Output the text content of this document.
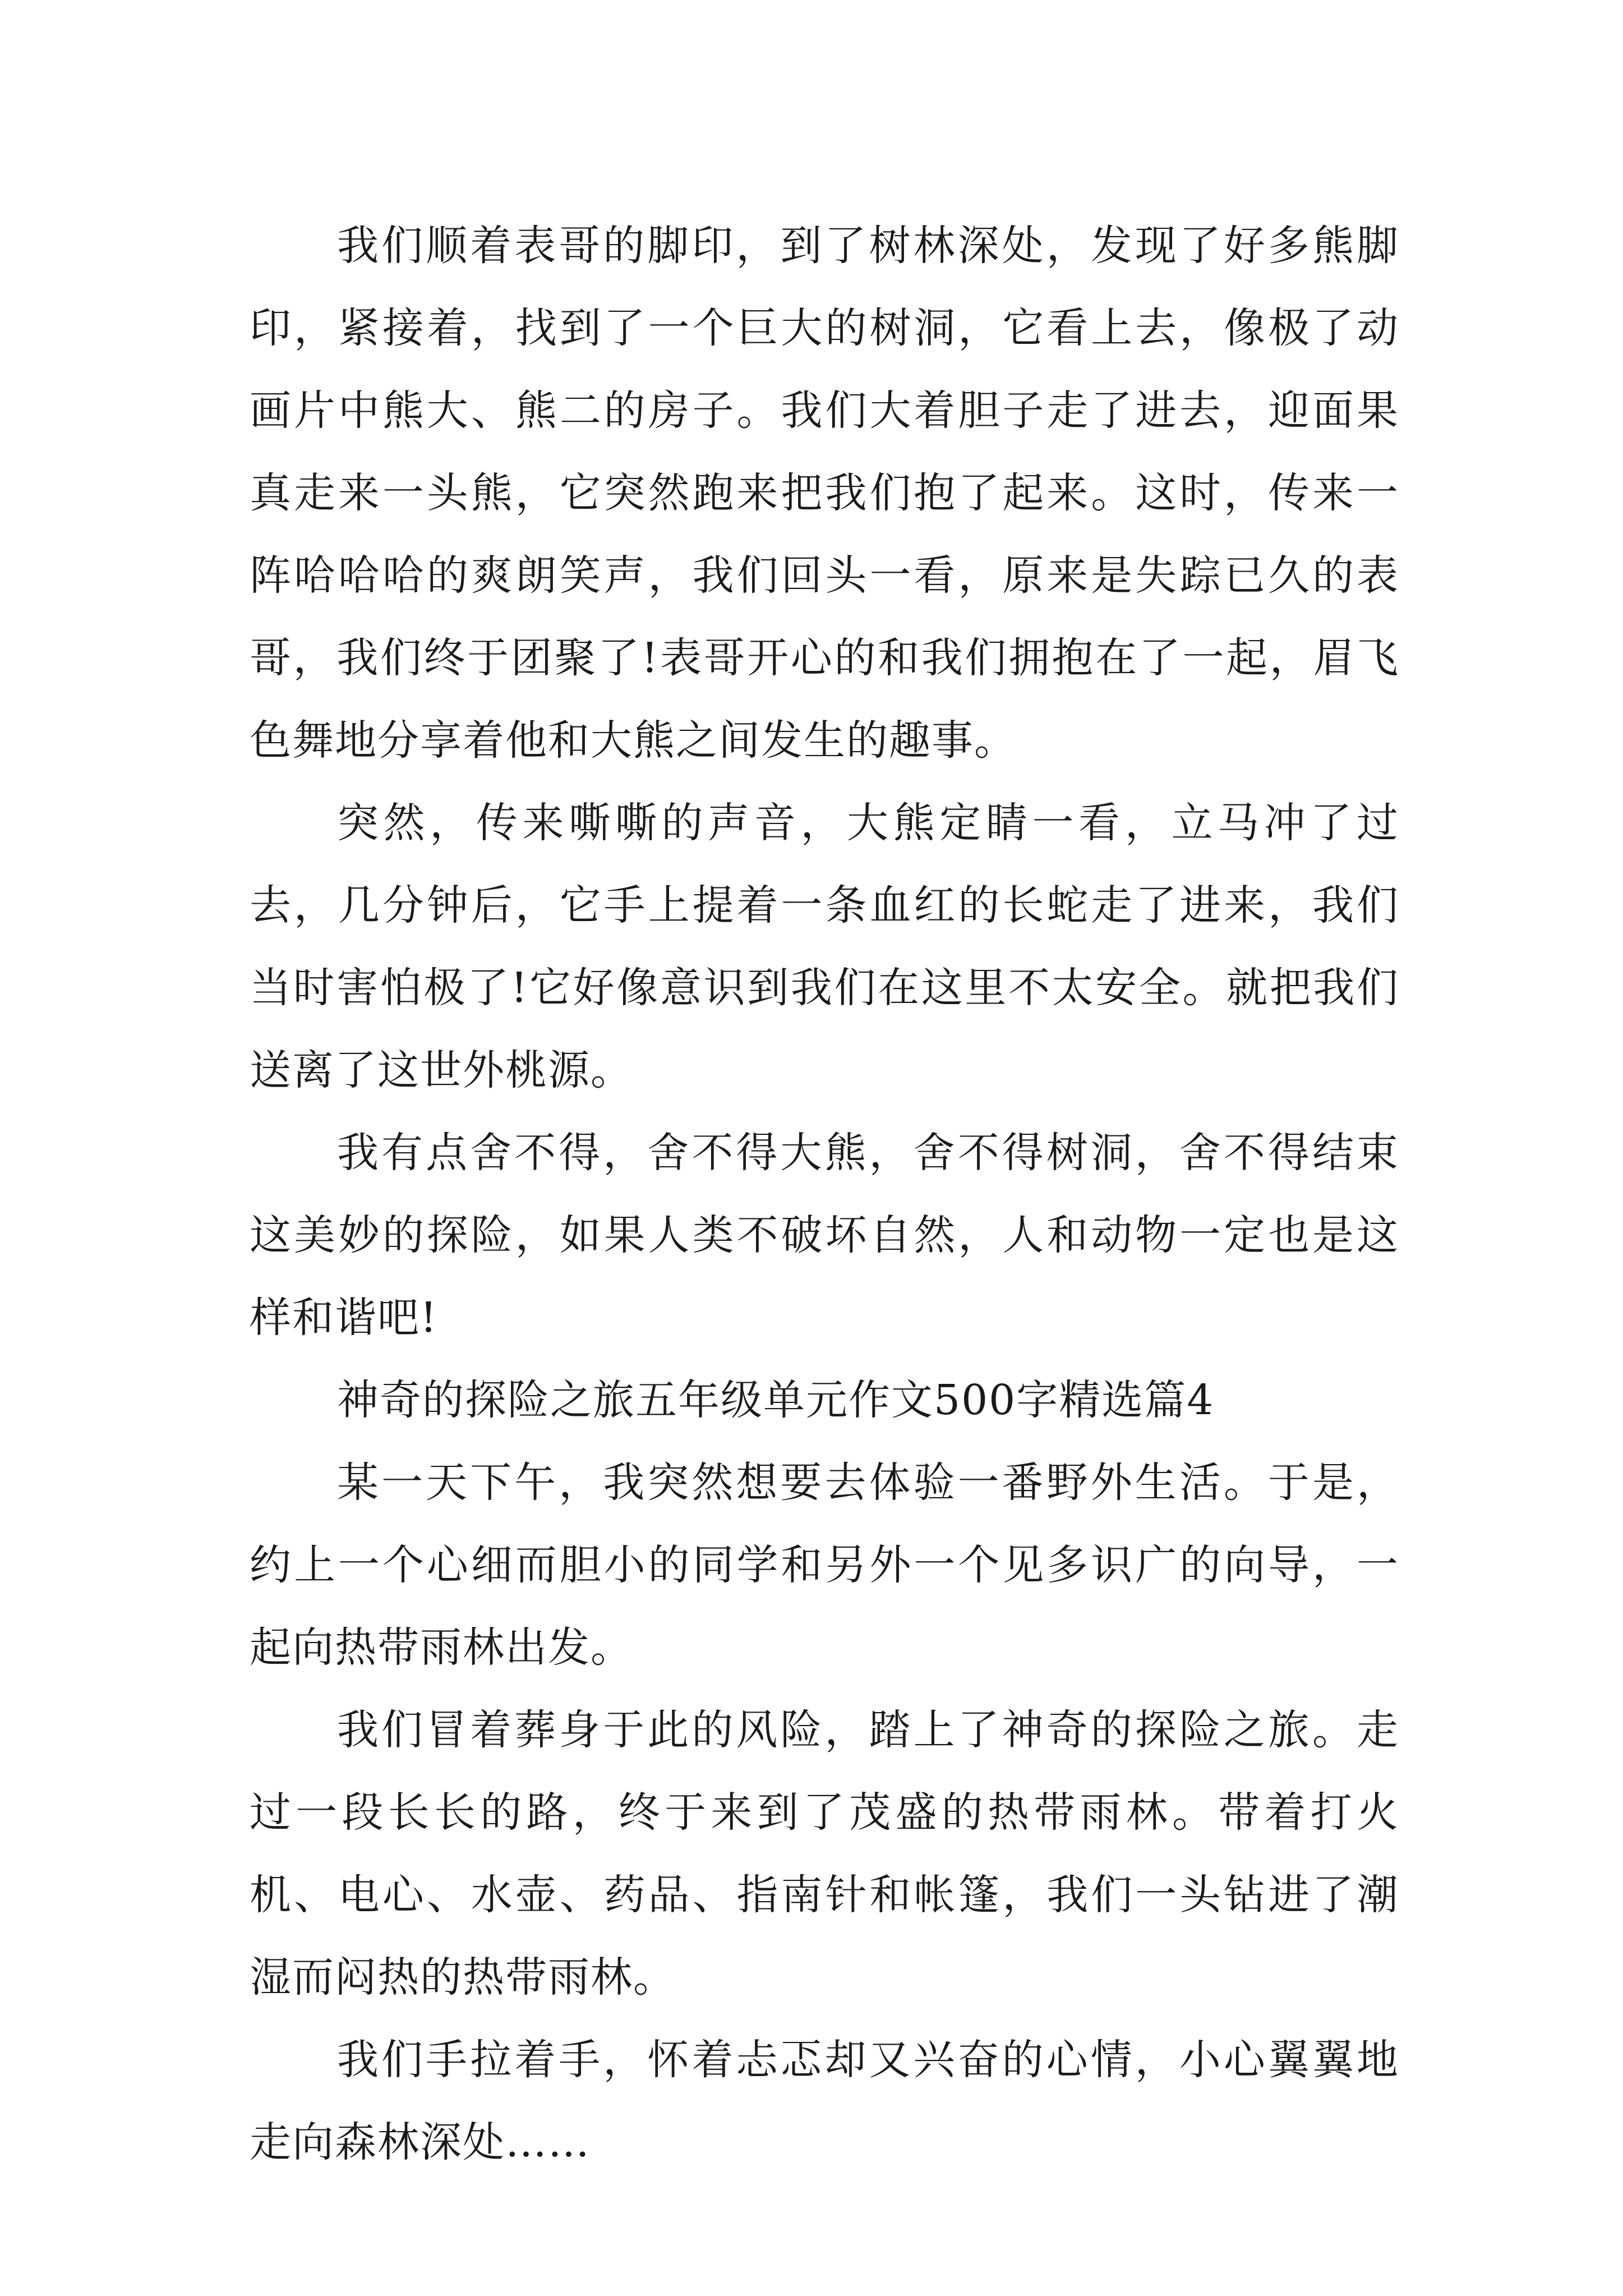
我们顺着表哥的脚印，到了树林深处，发现了好多熊脚印，紧接着，找到了一个巨大的树洞，它看上去，像极了动画片中熊大、熊二的房子。我们大着胆子走了进去，迎面果真走来一头熊，它突然跑来把我们抱了起来。这时，传来一阵哈哈哈的爽朗笑声，我们回头一看，原来是失踪已久的表哥，我们终于团聚了!表哥开心的和我们拥抱在了一起，眉飞色舞地分享着他和大熊之间发生的趣事。

突然，传来嘶嘶的声音，大熊定睛一看，立马冲了过去，几分钟后，它手上提着一条血红的长蛇走了进来，我们当时害怕极了!它好像意识到我们在这里不太安全。就把我们送离了这世外桃源。

我有点舍不得，舍不得大熊，舍不得树洞，舍不得结束这美妙的探险，如果人类不破坏自然，人和动物一定也是这样和谐吧!

神奇的探险之旅五年级单元作文500字精选篇4

某一天下午，我突然想要去体验一番野外生活。于是，约上一个心细而胆小的同学和另外一个见多识广的向导，一起向热带雨林出发。

我们冒着葬身于此的风险，踏上了神奇的探险之旅。走过一段长长的路，终于来到了茂盛的热带雨林。带着打火机、电心、水壶、药品、指南针和帐篷，我们一头钻进了潮湿而闷热的热带雨林。

我们手拉着手，怀着忐忑却又兴奋的心情，小心翼翼地走向森林深处……
